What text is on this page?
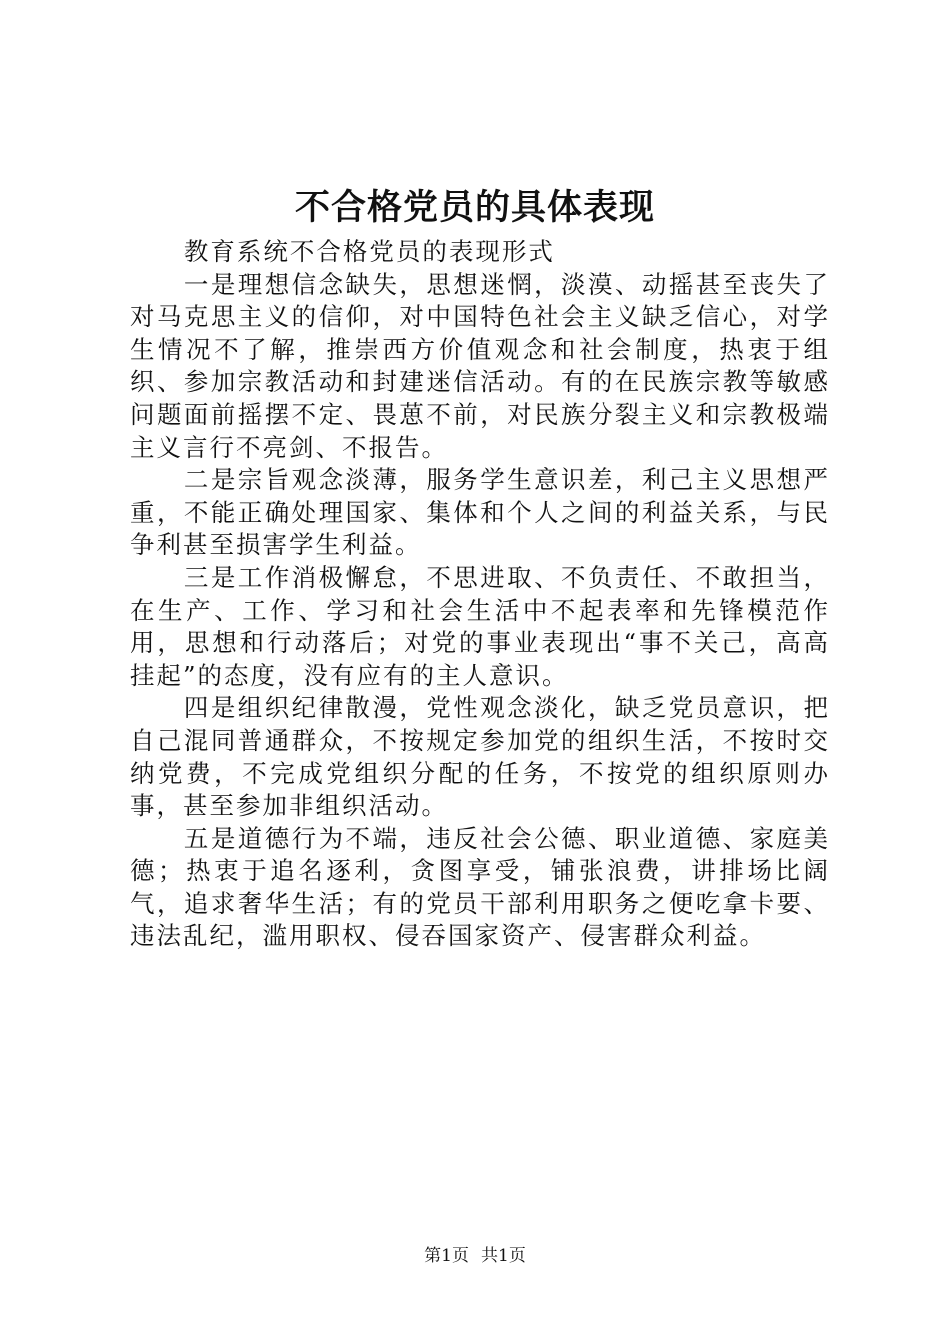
不合格党员的具体表现

教育系统不合格党员的表现形式

一是理想信念缺失，思想迷惘，淡漠、动摇甚至丧失了对马克思主义的信仰，对中国特色社会主义缺乏信心，对学生情况不了解，推崇西方价值观念和社会制度，热衷于组织、参加宗教活动和封建迷信活动。有的在民族宗教等敏感问题面前摇摆不定、畏葸不前，对民族分裂主义和宗教极端主义言行不亮剑、不报告。

二是宗旨观念淡薄，服务学生意识差，利己主义思想严重，不能正确处理国家、集体和个人之间的利益关系，与民争利甚至损害学生利益。

三是工作消极懈怠，不思进取、不负责任、不敢担当，在生产、工作、学习和社会生活中不起表率和先锋模范作用，思想和行动落后；对党的事业表现出“事不关己，高高挂起”的态度，没有应有的主人意识。

四是组织纪律散漫，党性观念淡化，缺乏党员意识，把自己混同普通群众，不按规定参加党的组织生活，不按时交纳党费，不完成党组织分配的任务，不按党的组织原则办事，甚至参加非组织活动。

五是道德行为不端，违反社会公德、职业道德、家庭美德；热衷于追名逐利，贪图享受，铺张浪费，讲排场比阔气，追求奢华生活；有的党员干部利用职务之便吃拿卡要、违法乱纪，滥用职权、侵吞国家资产、侵害群众利益。

第1页 共1页
